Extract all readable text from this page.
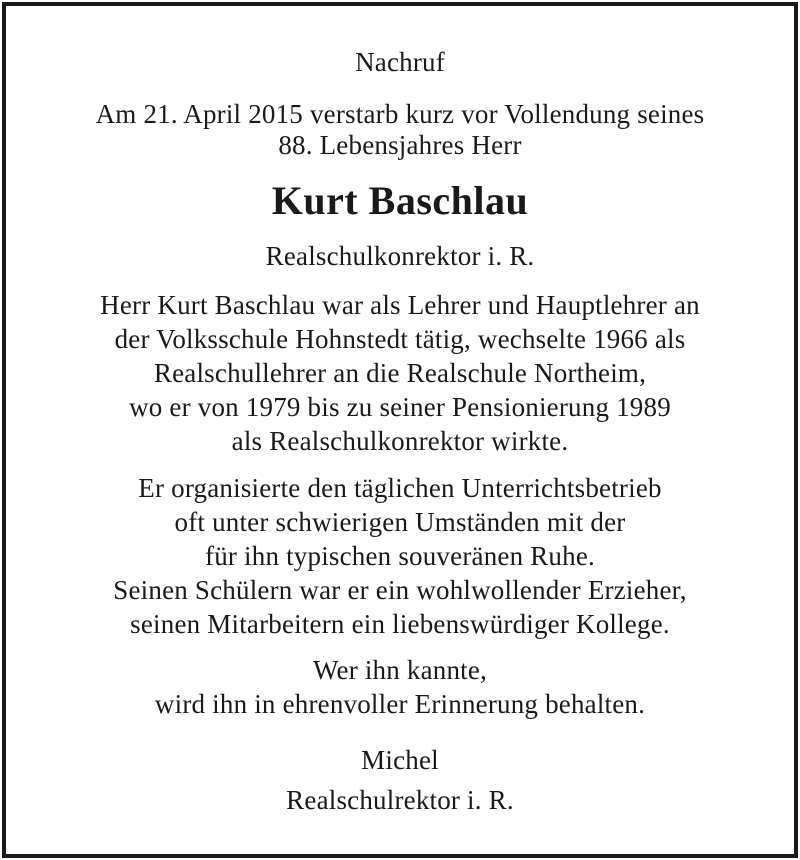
Nachruf
Am 21. April 2015 verstarb kurz vor Vollendung seines
88. Lebensjahres Herr
Kurt Baschlau
Realschulkonrektor i. R.
Herr Kurt Baschlau war als Lehrer und Hauptlehrer an
der Volksschule Hohnstedt tätig, wechselte 1966 als
Realschullehrer an die Realschule Northeim,
wo er von 1979 bis zu seiner Pensionierung 1989
als Realschulkonrektor wirkte.
Er organisierte den täglichen Unterrichtsbetrieb
oft unter schwierigen Umständen mit der
für ihn typischen souveränen Ruhe.
Seinen Schülern war er ein wohlwollender Erzieher,
seinen Mitarbeitern ein liebenswürdiger Kollege.
Wer ihn kannte,
wird ihn in ehrenvoller Erinnerung behalten.
Michel
Realschulrektor i. R.
